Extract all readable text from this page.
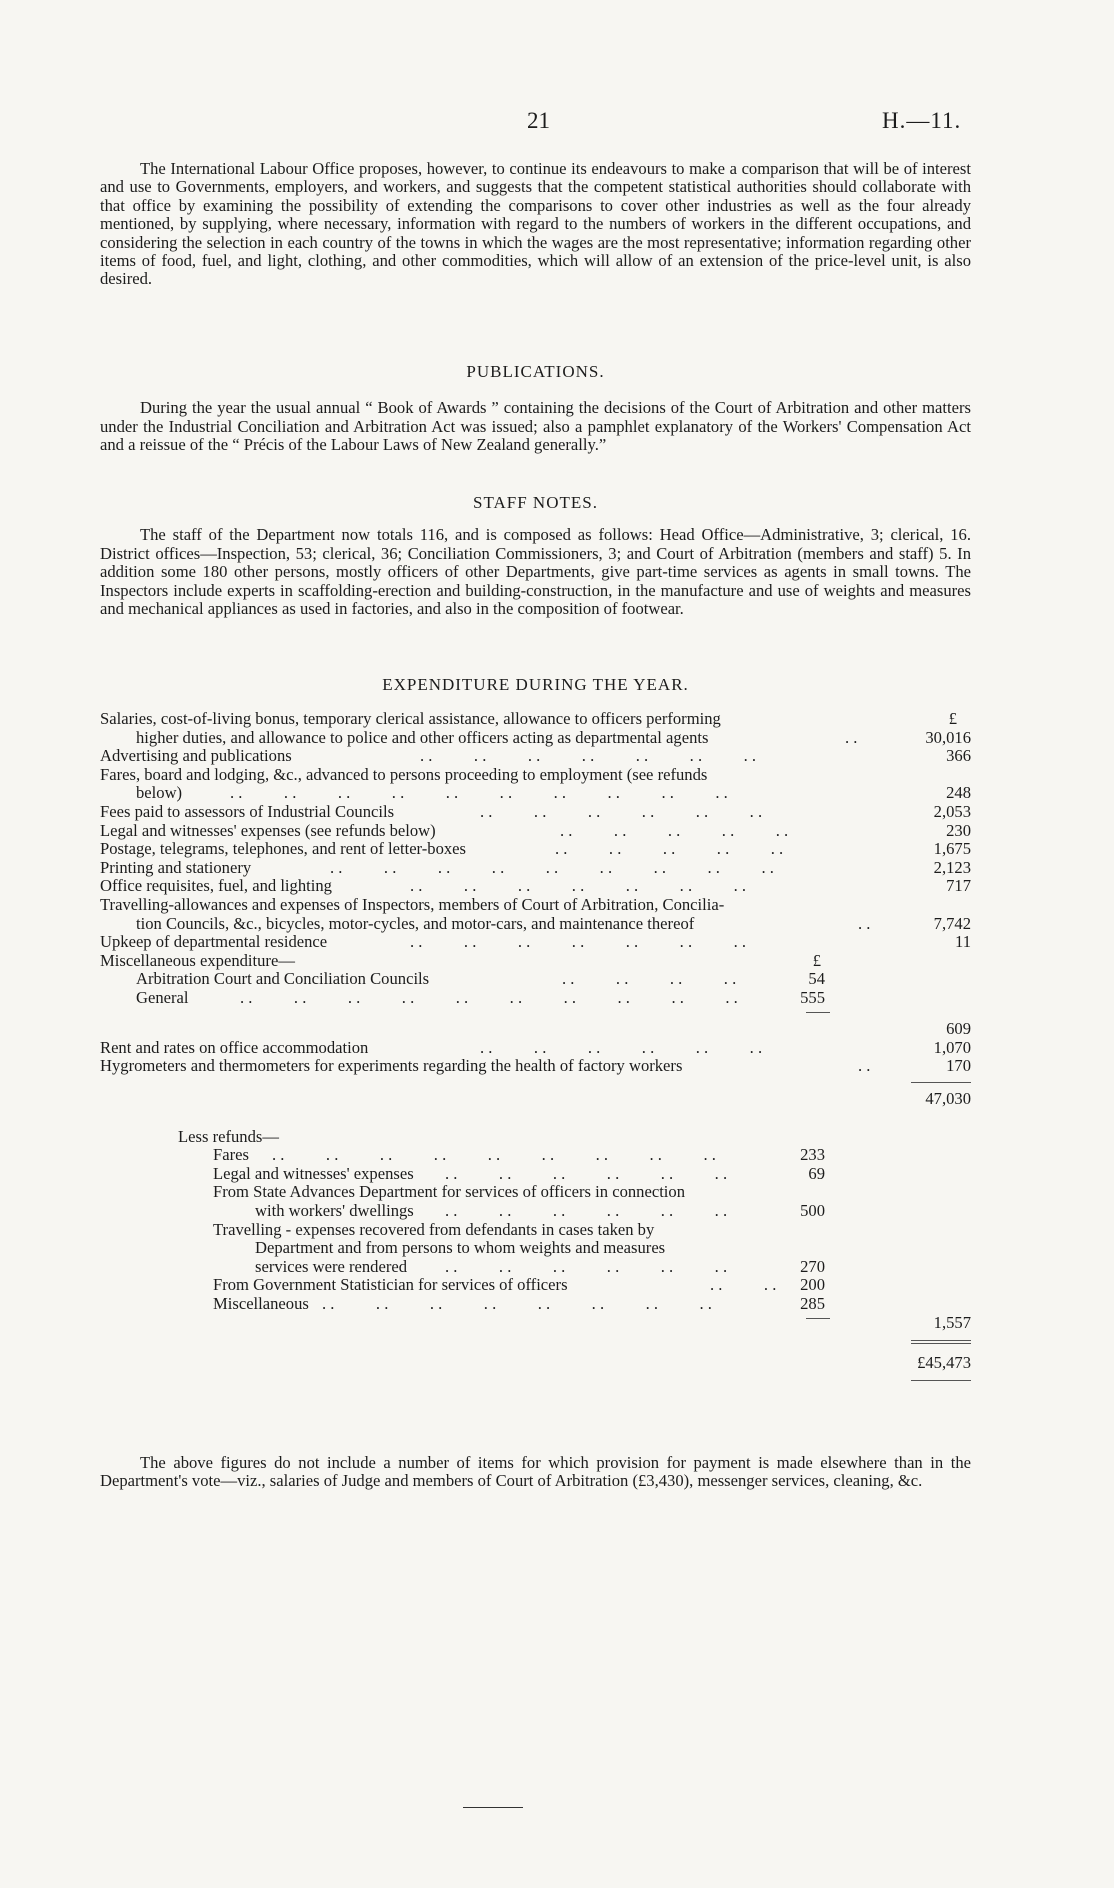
21	H.—11.

The International Labour Office proposes, however, to continue its endeavours to make a comparison that will be of interest and use to Governments, employers, and workers, and suggests that the competent statistical authorities should collaborate with that office by examining the possibility of extending the comparisons to cover other industries as well as the four already mentioned, by supplying, where necessary, information with regard to the numbers of workers in the different occupations, and considering the selection in each country of the towns in which the wages are the most representative; information regarding other items of food, fuel, and light, clothing, and other commodities, which will allow of an extension of the price-level unit, is also desired.

PUBLICATIONS.

During the year the usual annual “ Book of Awards ” containing the decisions of the Court of Arbitration and other matters under the Industrial Conciliation and Arbitration Act was issued; also a pamphlet explanatory of the Workers' Compensation Act and a reissue of the “ Précis of the Labour Laws of New Zealand generally.”

STAFF NOTES.

The staff of the Department now totals 116, and is composed as follows: Head Office—Administrative, 3; clerical, 16. District offices—Inspection, 53; clerical, 36; Conciliation Commissioners, 3; and Court of Arbitration (members and staff) 5. In addition some 180 other persons, mostly officers of other Departments, give part-time services as agents in small towns. The Inspectors include experts in scaffolding-erection and building-construction, in the manufacture and use of weights and measures and mechanical appliances as used in factories, and also in the composition of footwear.

EXPENDITURE DURING THE YEAR.
Salaries, cost-of-living bonus, temporary clerical assistance, allowance to officers performing	£
higher duties, and allowance to police and other officers acting as departmental agents	. .	30,016
Advertising and publications	. .          . .          . .          . .          . .          . .          . .	366
Fares, board and lodging, &c., advanced to persons proceeding to employment (see refunds
below)	. .          . .          . .          . .          . .          . .          . .          . .          . .          . .	248
Fees paid to assessors of Industrial Councils	. .          . .          . .          . .          . .          . .	2,053
Legal and witnesses' expenses (see refunds below)	. .          . .          . .          . .          . .	230
Postage, telegrams, telephones, and rent of letter-boxes	. .          . .          . .          . .          . .	1,675
Printing and stationery	. .          . .          . .          . .          . .          . .          . .          . .          . .	2,123
Office requisites, fuel, and lighting	. .          . .          . .          . .          . .          . .          . .	717
Travelling-allowances and expenses of Inspectors, members of Court of Arbitration, Concilia-
tion Councils, &c., bicycles, motor-cycles, and motor-cars, and maintenance thereof	. .	7,742
Upkeep of departmental residence	. .          . .          . .          . .          . .          . .          . .	11
Miscellaneous expenditure—	£
Arbitration Court and Conciliation Councils	. .          . .          . .          . .	54
General	. .          . .          . .          . .          . .          . .          . .          . .          . .          . .	555
609
Rent and rates on office accommodation	. .          . .          . .          . .          . .          . .	1,070
Hygrometers and thermometers for experiments regarding the health of factory workers	. .	170
47,030
Less refunds—
Fares . .          . .          . .          . .          . .          . .          . .          . .          . .	233
Legal and witnesses' expenses . .          . .          . .          . .          . .          . .	69
From State Advances Department for services of officers in connection
with workers' dwellings . .          . .          . .          . .          . .          . .	500
Travelling - expenses recovered from defendants in cases taken by
Department and from persons to whom weights and measures
services were rendered . .          . .          . .          . .          . .          . .	270
From Government Statistician for services of officers	. .          . . 200
Miscellaneous . .          . .          . .          . .          . .          . .          . .          . .	285
1,557
£45,473

The above figures do not include a number of items for which provision for payment is made elsewhere than in the Department's vote—viz., salaries of Judge and members of Court of Arbitration (£3,430), messenger services, cleaning, &c.
